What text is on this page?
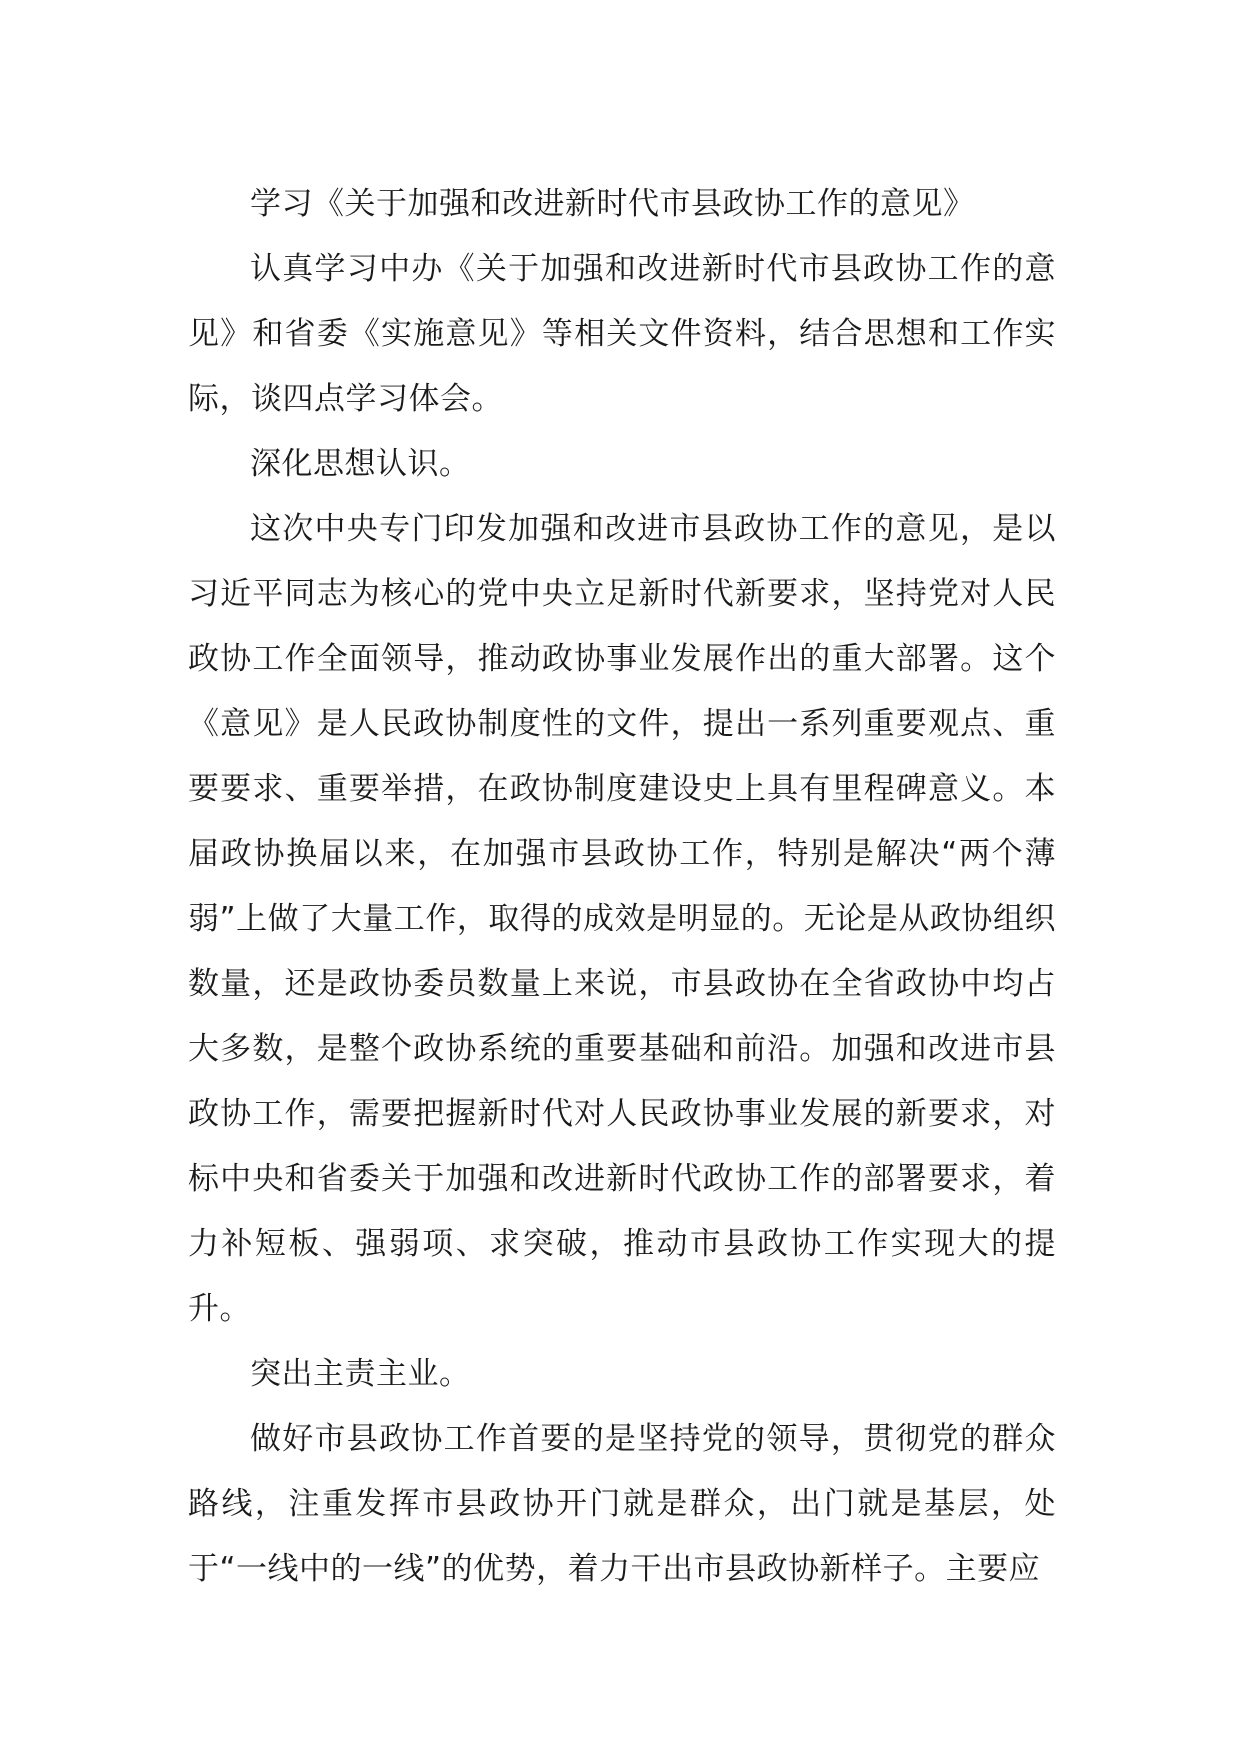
学习《关于加强和改进新时代市县政协工作的意见》

认真学习中办《关于加强和改进新时代市县政协工作的意见》和省委《实施意见》等相关文件资料，结合思想和工作实际，谈四点学习体会。

深化思想认识。

这次中央专门印发加强和改进市县政协工作的意见，是以习近平同志为核心的党中央立足新时代新要求，坚持党对人民政协工作全面领导，推动政协事业发展作出的重大部署。这个《意见》是人民政协制度性的文件，提出一系列重要观点、重要要求、重要举措，在政协制度建设史上具有里程碑意义。本届政协换届以来，在加强市县政协工作，特别是解决“两个薄弱”上做了大量工作，取得的成效是明显的。无论是从政协组织数量，还是政协委员数量上来说，市县政协在全省政协中均占大多数，是整个政协系统的重要基础和前沿。加强和改进市县政协工作，需要把握新时代对人民政协事业发展的新要求，对标中央和省委关于加强和改进新时代政协工作的部署要求，着力补短板、强弱项、求突破，推动市县政协工作实现大的提升。

突出主责主业。

做好市县政协工作首要的是坚持党的领导，贯彻党的群众路线，注重发挥市县政协开门就是群众，出门就是基层，处于“一线中的一线”的优势，着力干出市县政协新样子。主要应
